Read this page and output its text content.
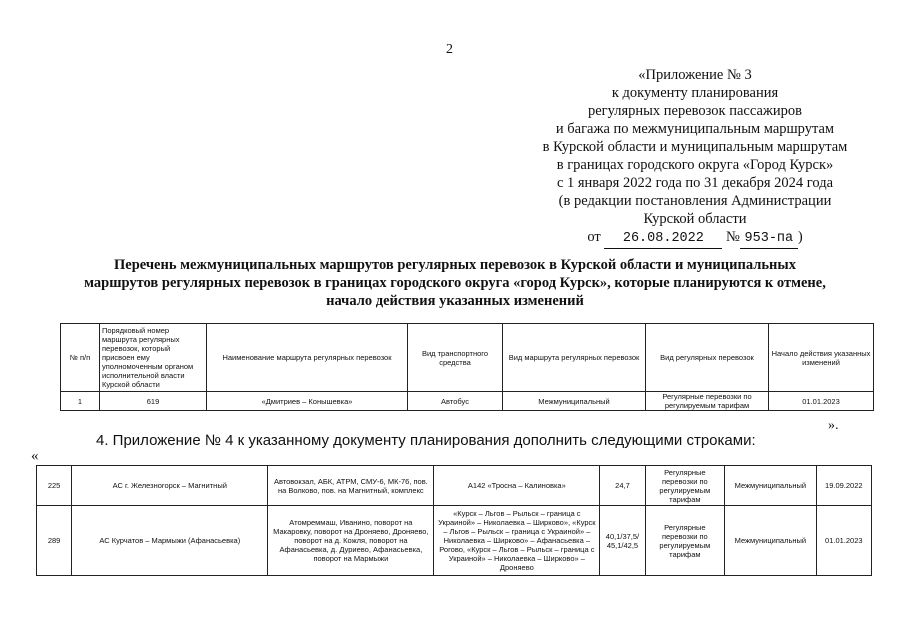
2
«Приложение № 3
к документу планирования
регулярных перевозок пассажиров
и багажа по межмуниципальным маршрутам
в Курской области и муниципальным маршрутам
в границах городского округа «Город Курск»
с 1 января 2022 года по 31 декабря 2024 года
(в редакции постановления Администрации
Курской области
от 26.08.2022 № 953-па )
Перечень межмуниципальных маршрутов регулярных перевозок в Курской области и муниципальных
маршрутов регулярных перевозок в границах городского округа «город Курск», которые планируются к отмене,
начало действия указанных изменений
№ п/п	Порядковый номер маршрута регулярных перевозок, который присвоен ему уполномоченным органом исполнительной власти Курской области	Наименование маршрута регулярных перевозок	Вид транспортного средства	Вид маршрута регулярных перевозок	Вид регулярных перевозок	Начало действия указанных изменений
1	619	«Дмитриев – Конышевка»	Автобус	Межмуниципальный	Регулярные перевозки по регулируемым тарифам	01.01.2023
».
4. Приложение № 4 к указанному документу планирования дополнить следующими строками:
«
225	АС г. Железногорск – Магнитный	Автовокзал, АБК, АТРМ, СМУ-6, МК-76, пов. на Волково, пов. на Магнитный, комплекс	А142 «Тросна – Калиновка»	24,7	Регулярные перевозки по регулируемым тарифам	Межмуниципальный	19.09.2022
289	АС Курчатов – Мармыжи (Афанасьевка)	Атомреммаш, Иванино, поворот на Макаровку, поворот на Дроняево, Дроняево, поворот на д. Кожля, поворот на Афанасьевка, д. Дуриево, Афанасьевка, поворот на Мармыжи	«Курск – Льгов – Рыльск – граница с Украиной» – Николаевка – Ширково», «Курск – Льгов – Рыльск – граница с Украиной» – Николаевка – Ширково» – Афанасьевка – Рогово, «Курск – Льгов – Рыльск – граница с Украиной» – Николаевка – Ширково» – Дроняево	40,1/37,5/ 45,1/42,5	Регулярные перевозки по регулируемым тарифам	Межмуниципальный	01.01.2023
